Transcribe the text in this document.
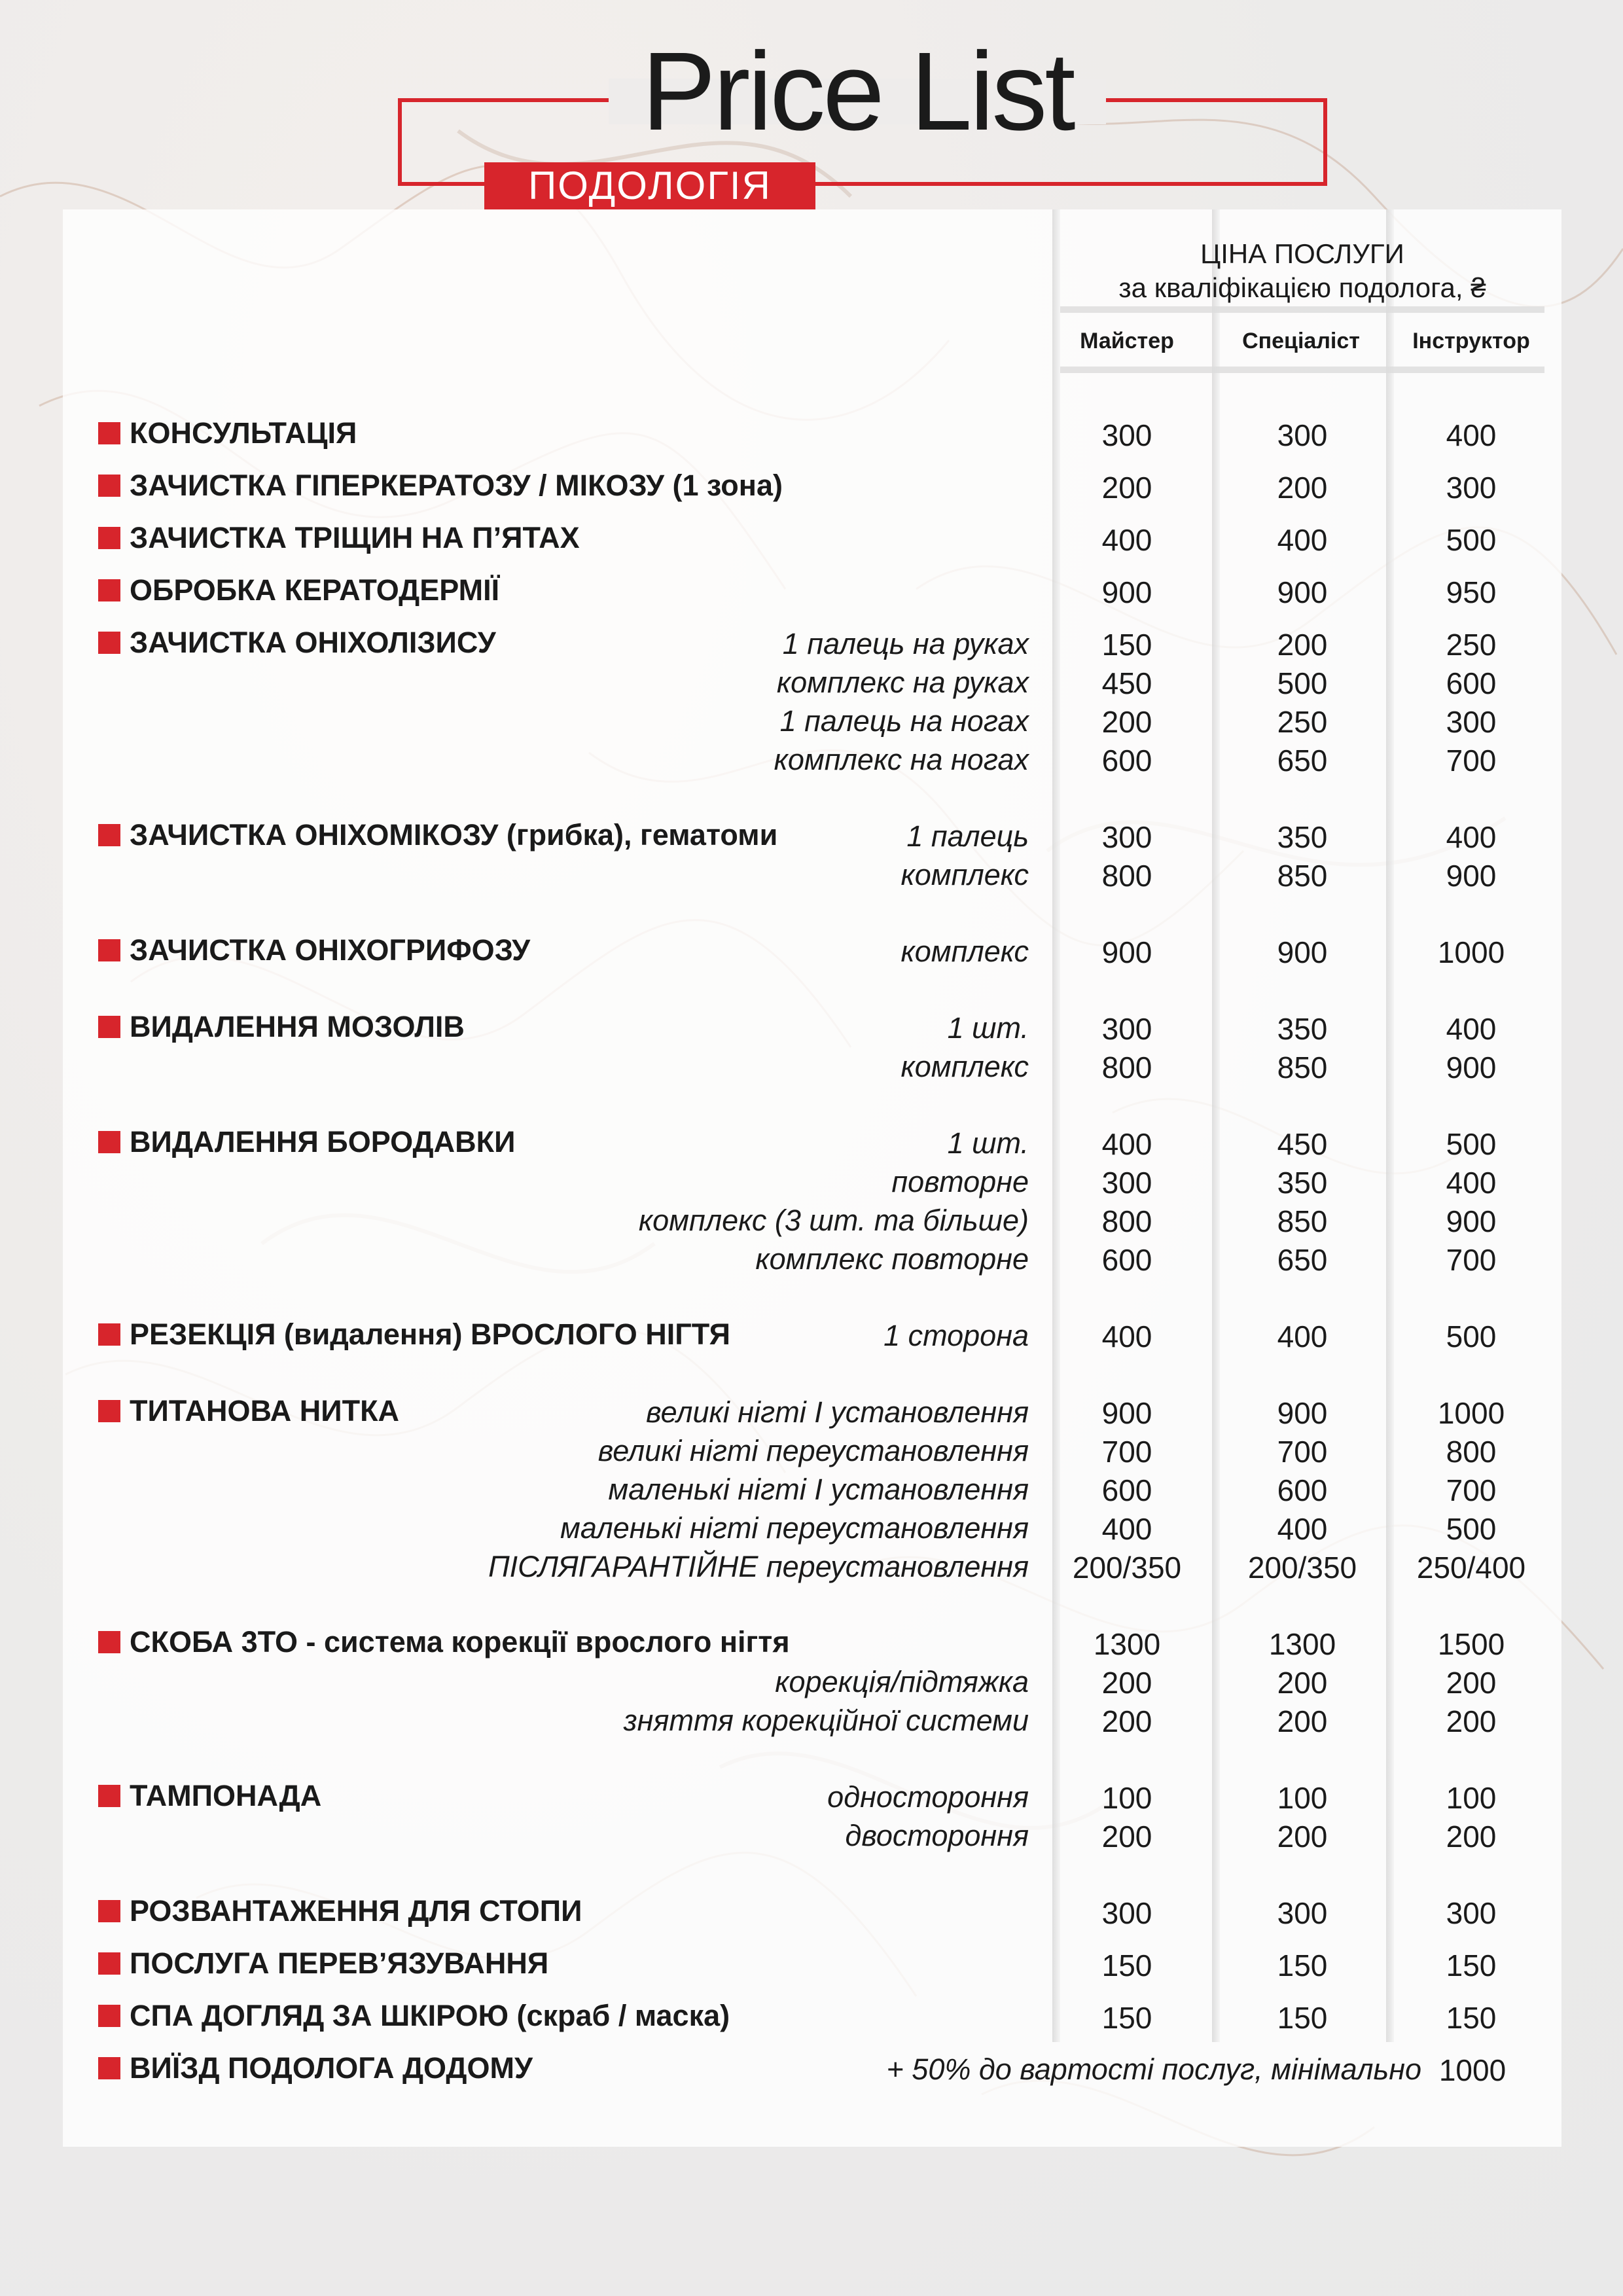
Price List
ПОДОЛОГІЯ
ЦІНА ПОСЛУГИ
за кваліфікацією подолога, ₴
Майстер	Спеціаліст	Інструктор
КОНСУЛЬТАЦІЯ	300	300	400
ЗАЧИСТКА ГІПЕРКЕРАТОЗУ / МІКОЗУ (1 зона)	200	200	300
ЗАЧИСТКА ТРІЩИН НА П’ЯТАХ	400	400	500
ОБРОБКА КЕРАТОДЕРМІЇ	900	900	950
ЗАЧИСТКА ОНІХОЛІЗИСУ	1 палець на руках	150	200	250
комплекс на руках	450	500	600
1 палець на ногах	200	250	300
комплекс на ногах	600	650	700
ЗАЧИСТКА ОНІХОМІКОЗУ (грибка), гематоми	1 палець	300	350	400
комплекс	800	850	900
ЗАЧИСТКА ОНІХОГРИФОЗУ	комплекс	900	900	1000
ВИДАЛЕННЯ МОЗОЛІВ	1 шт.	300	350	400
комплекс	800	850	900
ВИДАЛЕННЯ БОРОДАВКИ	1 шт.	400	450	500
повторне	300	350	400
комплекс (3 шт. та більше)	800	850	900
комплекс повторне	600	650	700
РЕЗЕКЦІЯ (видалення) ВРОСЛОГО НІГТЯ	1 сторона	400	400	500
ТИТАНОВА НИТКА	великі нігті I установлення	900	900	1000
великі нігті переустановлення	700	700	800
маленькі нігті I установлення	600	600	700
маленькі нігті переустановлення	400	400	500
ПІСЛЯГАРАНТІЙНЕ переустановлення	200/350	200/350	250/400
СКОБА 3ТО - система корекції врослого нігтя	1300	1300	1500
корекція/підтяжка	200	200	200
зняття корекційної системи	200	200	200
ТАМПОНАДА	одностороння	100	100	100
двостороння	200	200	200
РОЗВАНТАЖЕННЯ ДЛЯ СТОПИ	300	300	300
ПОСЛУГА ПЕРЕВ’ЯЗУВАННЯ	150	150	150
СПА ДОГЛЯД ЗА ШКІРОЮ (скраб / маска)	150	150	150
ВИЇЗД ПОДОЛОГА ДОДОМУ	+ 50% до вартості послуг, мінімально 1000
